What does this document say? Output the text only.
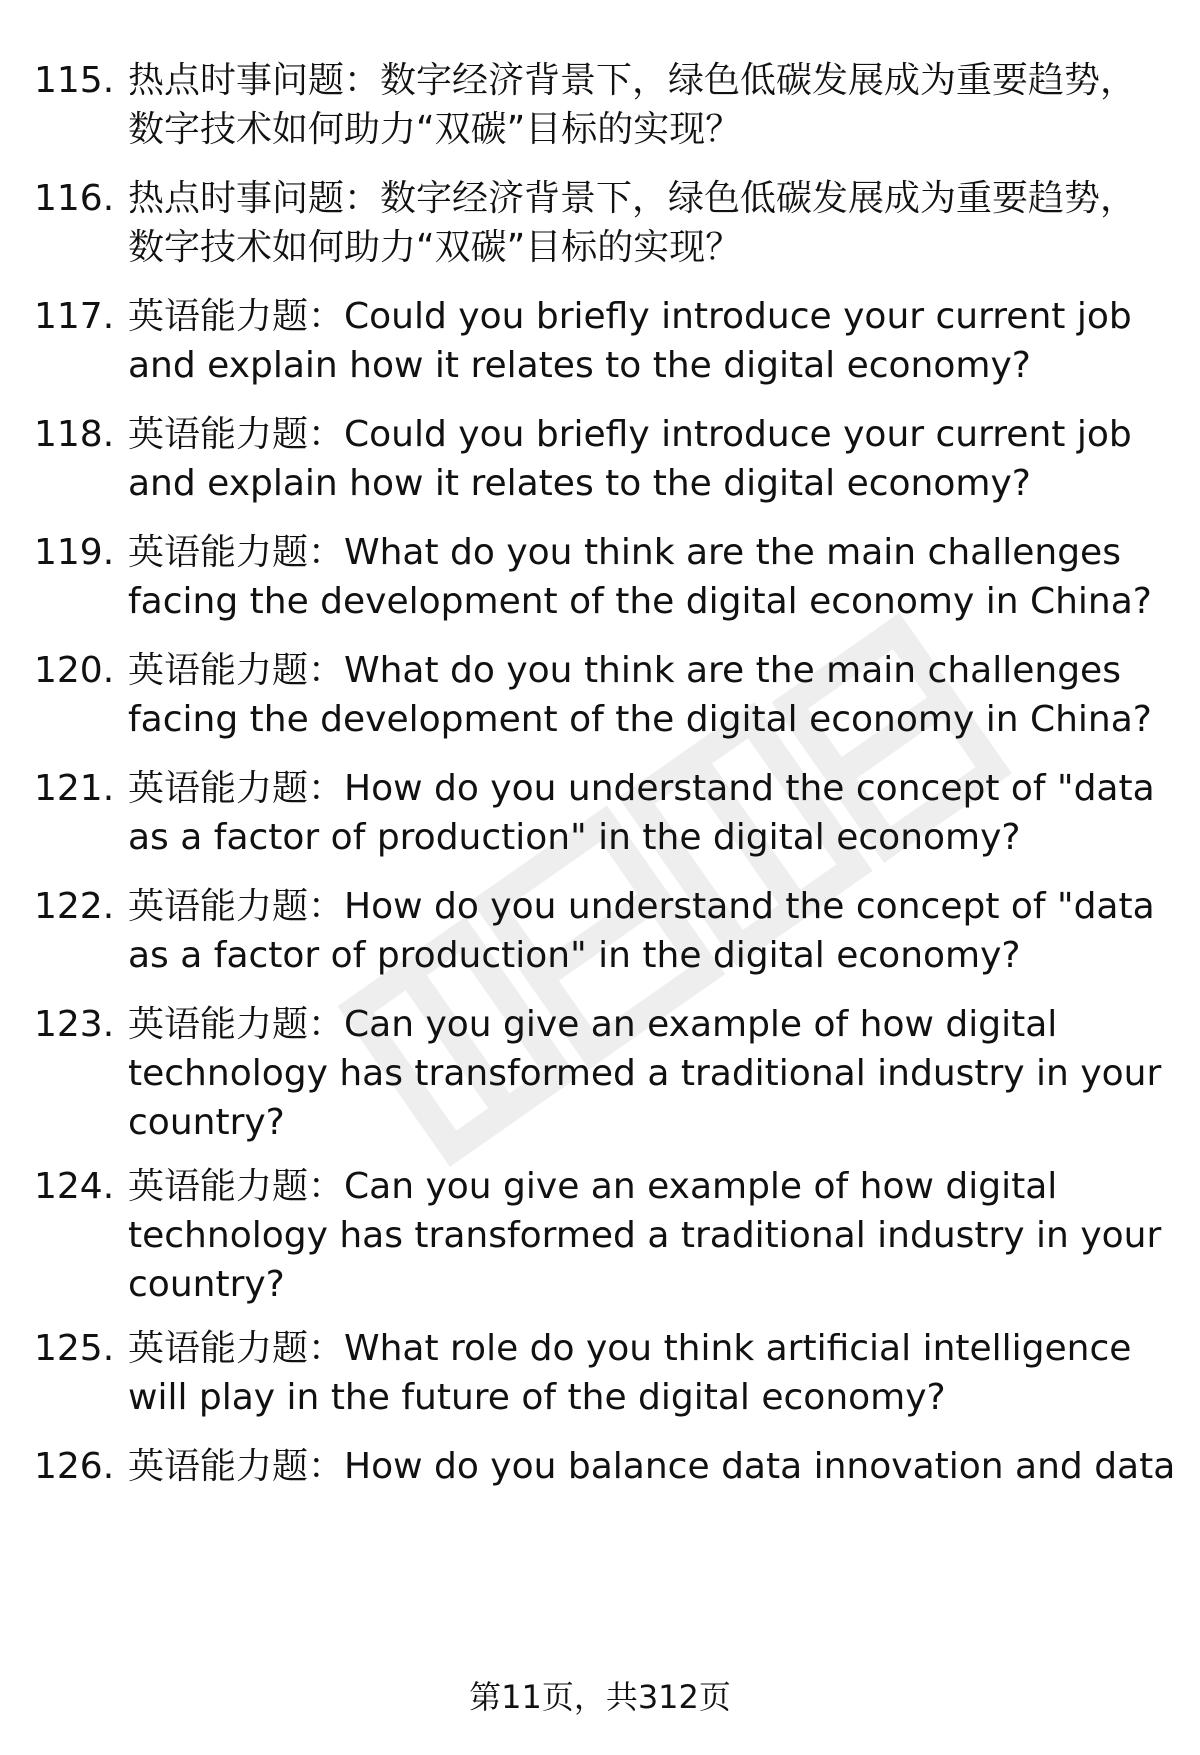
115. 热点时事问题：数字经济背景下，绿色低碳发展成为重要趋势，
数字技术如何助力“双碳”目标的实现？
116. 热点时事问题：数字经济背景下，绿色低碳发展成为重要趋势，
数字技术如何助力“双碳”目标的实现？
117. 英语能力题：Could you briefly introduce your current job
and explain how it relates to the digital economy?
118. 英语能力题：Could you briefly introduce your current job
and explain how it relates to the digital economy?
119. 英语能力题：What do you think are the main challenges
facing the development of the digital economy in China?
120. 英语能力题：What do you think are the main challenges
facing the development of the digital economy in China?
121. 英语能力题：How do you understand the concept of "data
as a factor of production" in the digital economy?
122. 英语能力题：How do you understand the concept of "data
as a factor of production" in the digital economy?
123. 英语能力题：Can you give an example of how digital
technology has transformed a traditional industry in your
country?
124. 英语能力题：Can you give an example of how digital
technology has transformed a traditional industry in your
country?
125. 英语能力题：What role do you think artificial intelligence
will play in the future of the digital economy?
126. 英语能力题：How do you balance data innovation and data
第11页，共312页
